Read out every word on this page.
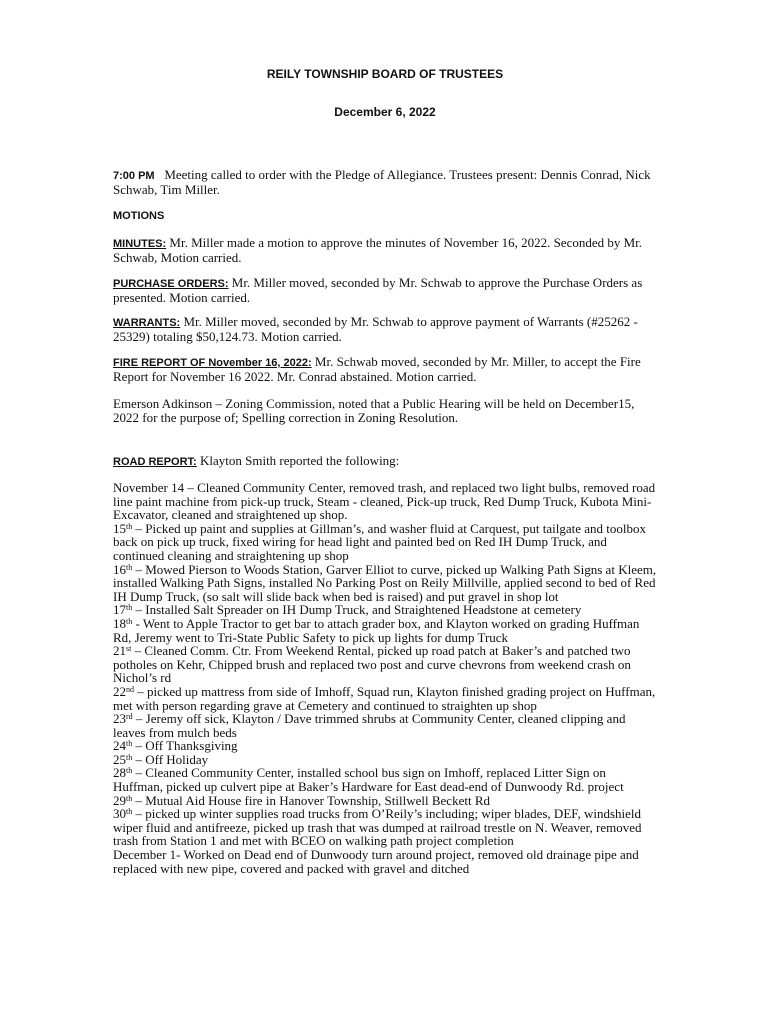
REILY TOWNSHIP BOARD OF TRUSTEES
December 6, 2022
7:00 PM Meeting called to order with the Pledge of Allegiance. Trustees present: Dennis Conrad, Nick Schwab, Tim Miller.
MOTIONS
MINUTES: Mr. Miller made a motion to approve the minutes of November 16, 2022. Seconded by Mr. Schwab, Motion carried.
PURCHASE ORDERS: Mr. Miller moved, seconded by Mr. Schwab to approve the Purchase Orders as presented. Motion carried.
WARRANTS: Mr. Miller moved, seconded by Mr. Schwab to approve payment of Warrants (#25262 - 25329) totaling $50,124.73. Motion carried.
FIRE REPORT OF November 16, 2022: Mr. Schwab moved, seconded by Mr. Miller, to accept the Fire Report for November 16 2022. Mr. Conrad abstained. Motion carried.
Emerson Adkinson – Zoning Commission, noted that a Public Hearing will be held on December15, 2022 for the purpose of; Spelling correction in Zoning Resolution.
ROAD REPORT: Klayton Smith reported the following:

November 14 – Cleaned Community Center, removed trash, and replaced two light bulbs, removed road line paint machine from pick-up truck, Steam - cleaned, Pick-up truck, Red Dump Truck, Kubota Mini-Excavator, cleaned and straightened up shop.

15th – Picked up paint and supplies at Gillman’s, and washer fluid at Carquest, put tailgate and toolbox back on pick up truck, fixed wiring for head light and painted bed on Red IH Dump Truck, and continued cleaning and straightening up shop

16th – Mowed Pierson to Woods Station, Garver Elliot to curve, picked up Walking Path Signs at Kleem, installed Walking Path Signs, installed No Parking Post on Reily Millville, applied second to bed of Red IH Dump Truck, (so salt will slide back when bed is raised) and put gravel in shop lot

17th – Installed Salt Spreader on IH Dump Truck, and Straightened Headstone at cemetery

18th - Went to Apple Tractor to get bar to attach grader box, and Klayton worked on grading Huffman Rd, Jeremy went to Tri-State Public Safety to pick up lights for dump Truck

21st – Cleaned Comm. Ctr. From Weekend Rental, picked up road patch at Baker’s and patched two potholes on Kehr, Chipped brush and replaced two post and curve chevrons from weekend crash on Nichol’s rd

22nd – picked up mattress from side of Imhoff, Squad run, Klayton finished grading project on Huffman, met with person regarding grave at Cemetery and continued to straighten up shop

23rd – Jeremy off sick, Klayton / Dave trimmed shrubs at Community Center, cleaned clipping and leaves from mulch beds

24th – Off Thanksgiving

25th – Off Holiday

28th – Cleaned Community Center, installed school bus sign on Imhoff, replaced Litter Sign on Huffman, picked up culvert pipe at Baker’s Hardware for East dead-end of Dunwoody Rd. project

29th – Mutual Aid House fire in Hanover Township, Stillwell Beckett Rd

30th – picked up winter supplies road trucks from O’Reily’s including; wiper blades, DEF, windshield wiper fluid and antifreeze, picked up trash that was dumped at railroad trestle on N. Weaver, removed trash from Station 1 and met with BCEO on walking path project completion

December 1- Worked on Dead end of Dunwoody turn around project, removed old drainage pipe and replaced with new pipe, covered and packed with gravel and ditched
